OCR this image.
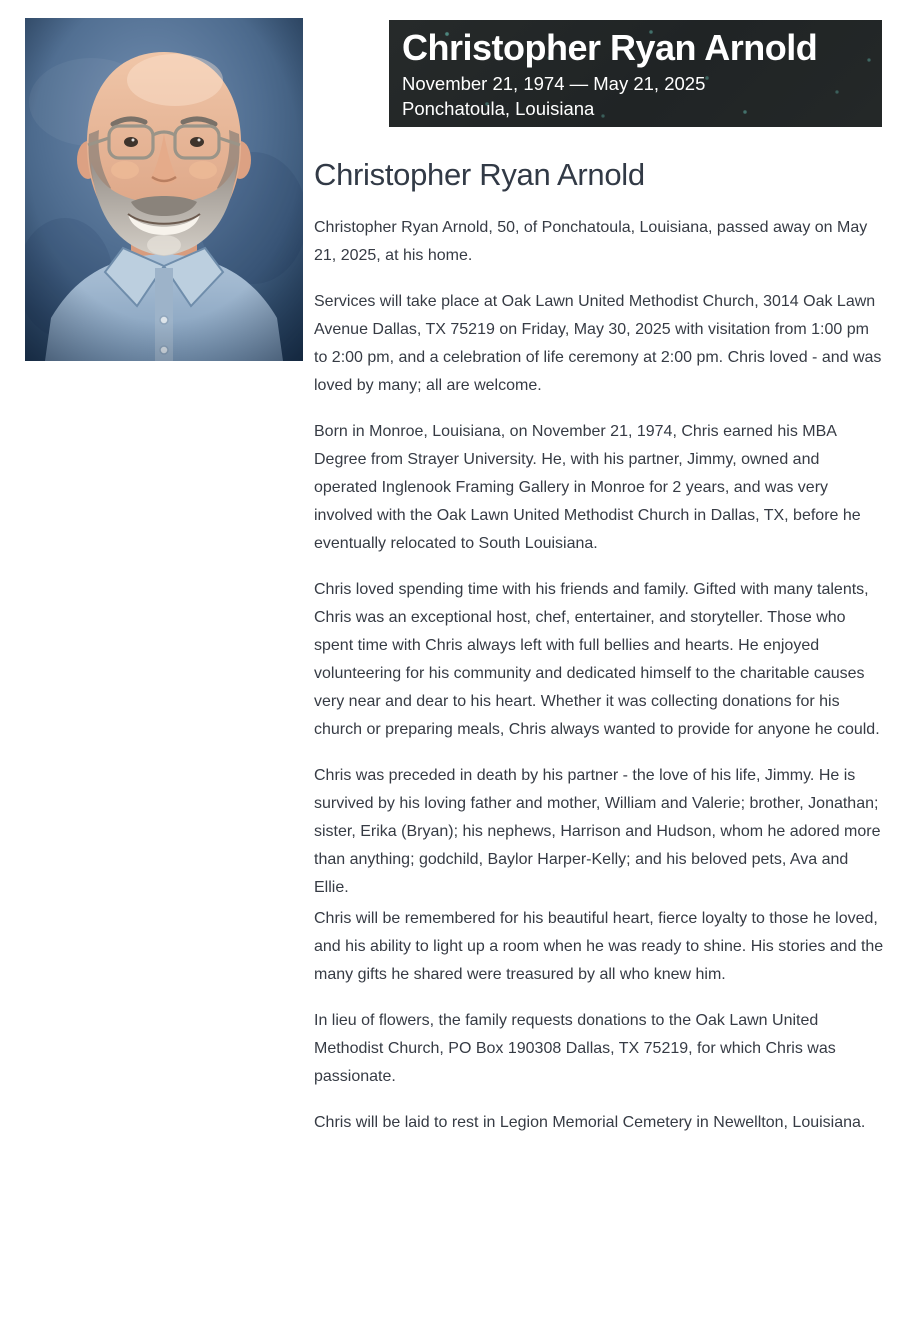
Christopher Ryan Arnold
November 21, 1974 — May 21, 2025
Ponchatoula, Louisiana
Christopher Ryan Arnold

Christopher Ryan Arnold, 50, of Ponchatoula, Louisiana, passed away on May 21, 2025, at his home.

Services will take place at Oak Lawn United Methodist Church, 3014 Oak Lawn Avenue Dallas, TX 75219 on Friday, May 30, 2025 with visitation from 1:00 pm to 2:00 pm, and a celebration of life ceremony at 2:00 pm. Chris loved - and was loved by many; all are welcome.

Born in Monroe, Louisiana, on November 21, 1974, Chris earned his MBA Degree from Strayer University. He, with his partner, Jimmy, owned and operated Inglenook Framing Gallery in Monroe for 2 years, and was very involved with the Oak Lawn United Methodist Church in Dallas, TX, before he eventually relocated to South Louisiana.

Chris loved spending time with his friends and family. Gifted with many talents, Chris was an exceptional host, chef, entertainer, and storyteller. Those who spent time with Chris always left with full bellies and hearts. He enjoyed volunteering for his community and dedicated himself to the charitable causes very near and dear to his heart. Whether it was collecting donations for his church or preparing meals, Chris always wanted to provide for anyone he could.

Chris was preceded in death by his partner - the love of his life, Jimmy. He is survived by his loving father and mother, William and Valerie; brother, Jonathan; sister, Erika (Bryan); his nephews, Harrison and Hudson, whom he adored more than anything; godchild, Baylor Harper-Kelly; and his beloved pets, Ava and Ellie.

Chris will be remembered for his beautiful heart, fierce loyalty to those he loved, and his ability to light up a room when he was ready to shine. His stories and the many gifts he shared were treasured by all who knew him.

In lieu of flowers, the family requests donations to the Oak Lawn United Methodist Church, PO Box 190308 Dallas, TX 75219, for which Chris was passionate.

Chris will be laid to rest in Legion Memorial Cemetery in Newellton, Louisiana.
